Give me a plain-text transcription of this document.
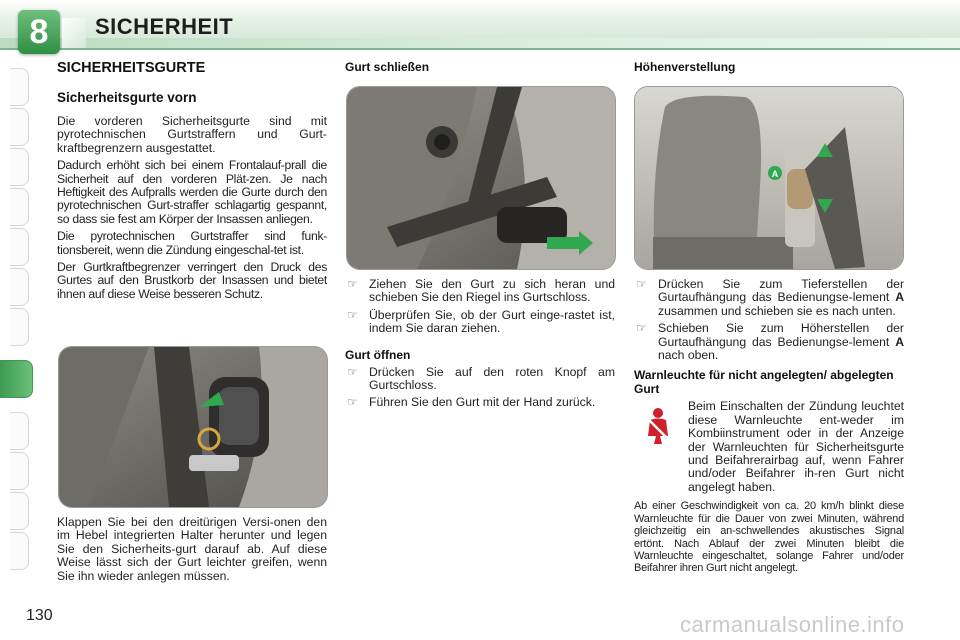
8	SICHERHEIT
SICHERHEITSGURTE
Sicherheitsgurte vorn

Die vorderen Sicherheitsgurte sind mit pyrotechnischen Gurtstraffern und Gurt-kraftbegrenzern ausgestattet.

Dadurch erhöht sich bei einem Frontalauf-prall die Sicherheit auf den vorderen Plät-zen. Je nach Heftigkeit des Aufpralls werden die Gurte durch den pyrotechnischen Gurt-straffer schlagartig gespannt, so dass sie fest am Körper der Insassen anliegen.

Die pyrotechnischen Gurtstraffer sind funk-tionsbereit, wenn die Zündung eingeschal-tet ist.

Der Gurtkraftbegrenzer verringert den Druck des Gurtes auf den Brustkorb der Insassen und bietet ihnen auf diese Weise besseren Schutz.

Klappen Sie bei den dreitürigen Versi-onen den im Hebel integrierten Halter herunter und legen Sie den Sicherheits-gurt darauf ab. Auf diese Weise lässt sich der Gurt leichter greifen, wenn Sie ihn wieder anlegen müssen.

Gurt schließen
☞ Ziehen Sie den Gurt zu sich heran und schieben Sie den Riegel ins Gurtschloss.
☞ Überprüfen Sie, ob der Gurt einge-rastet ist, indem Sie daran ziehen.
Gurt öffnen
☞ Drücken Sie auf den roten Knopf am Gurtschloss.
☞ Führen Sie den Gurt mit der Hand zurück.
Höhenverstellung
A
☞ Drücken Sie zum Tieferstellen der Gurtaufhängung das Bedienungse-lement A zusammen und schieben sie es nach unten.
☞ Schieben Sie zum Höherstellen der Gurtaufhängung das Bedienungse-lement A nach oben.
Warnleuchte für nicht angelegten/ abgelegten Gurt

Beim Einschalten der Zündung leuchtet diese Warnleuchte ent-weder im Kombiinstrument oder in der Anzeige der Warnleuchten für Sicherheitsgurte und Beifahrerairbag auf, wenn Fahrer und/oder Beifahrer ih-ren Gurt nicht angelegt haben.

Ab einer Geschwindigkeit von ca. 20 km/h blinkt diese Warnleuchte für die Dauer von zwei Minuten, während gleichzeitig ein an-schwellendes akustisches Signal ertönt. Nach Ablauf der zwei Minuten bleibt die Warnleuchte eingeschaltet, solange Fahrer und/oder Beifahrer ihren Gurt nicht angelegt.

130	carmanualsonline.info
